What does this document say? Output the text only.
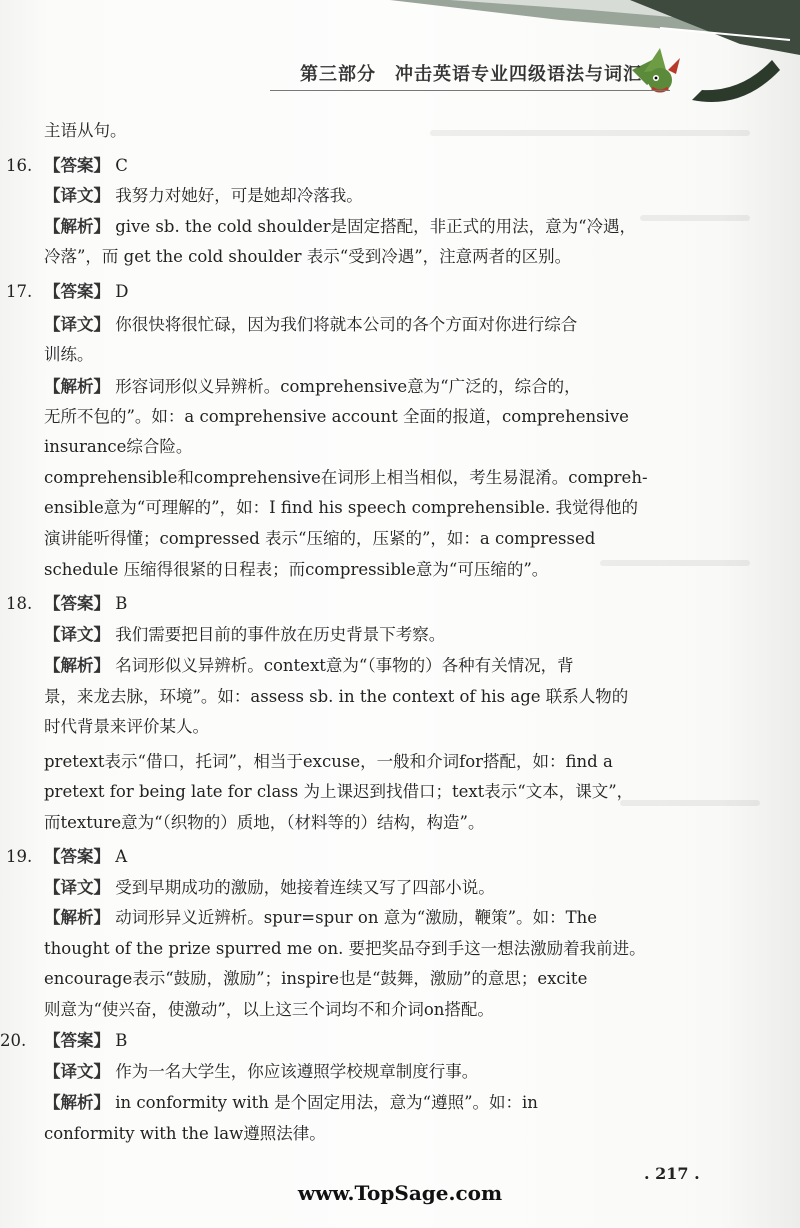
第三部分　冲击英语专业四级语法与词汇
主语从句。
16. 【答案】 C
【译文】 我努力对她好，可是她却冷落我。
【解析】 give sb. the cold shoulder是固定搭配，非正式的用法，意为“冷遇，
冷落”，而 get the cold shoulder 表示“受到冷遇”，注意两者的区别。
17. 【答案】 D
【译文】 你很快将很忙碌，因为我们将就本公司的各个方面对你进行综合
训练。
【解析】 形容词形似义异辨析。comprehensive意为“广泛的，综合的，
无所不包的”。如：a comprehensive account 全面的报道，comprehensive
insurance综合险。
comprehensible和comprehensive在词形上相当相似，考生易混淆。compreh-
ensible意为“可理解的”，如：I find his speech comprehensible. 我觉得他的
演讲能听得懂；compressed 表示“压缩的，压紧的”，如：a compressed
schedule 压缩得很紧的日程表；而compressible意为“可压缩的”。
18. 【答案】 B
【译文】 我们需要把目前的事件放在历史背景下考察。
【解析】 名词形似义异辨析。context意为“（事物的）各种有关情况，背
景，来龙去脉，环境”。如：assess sb. in the context of his age 联系人物的
时代背景来评价某人。
pretext表示“借口，托词”，相当于excuse，一般和介词for搭配，如：find a
pretext for being late for class 为上课迟到找借口；text表示“文本，课文”，
而texture意为“（织物的）质地，（材料等的）结构，构造”。
19. 【答案】 A
【译文】 受到早期成功的激励，她接着连续又写了四部小说。
【解析】 动词形异义近辨析。spur=spur on 意为“激励，鞭策”。如：The
thought of the prize spurred me on. 要把奖品夺到手这一想法激励着我前进。
encourage表示“鼓励，激励”；inspire也是“鼓舞，激励”的意思；excite
则意为“使兴奋，使激动”，以上这三个词均不和介词on搭配。
20. 【答案】 B
【译文】 作为一名大学生，你应该遵照学校规章制度行事。
【解析】 in conformity with 是个固定用法，意为“遵照”。如：in
conformity with the law遵照法律。
. 217 .
www.TopSage.com
